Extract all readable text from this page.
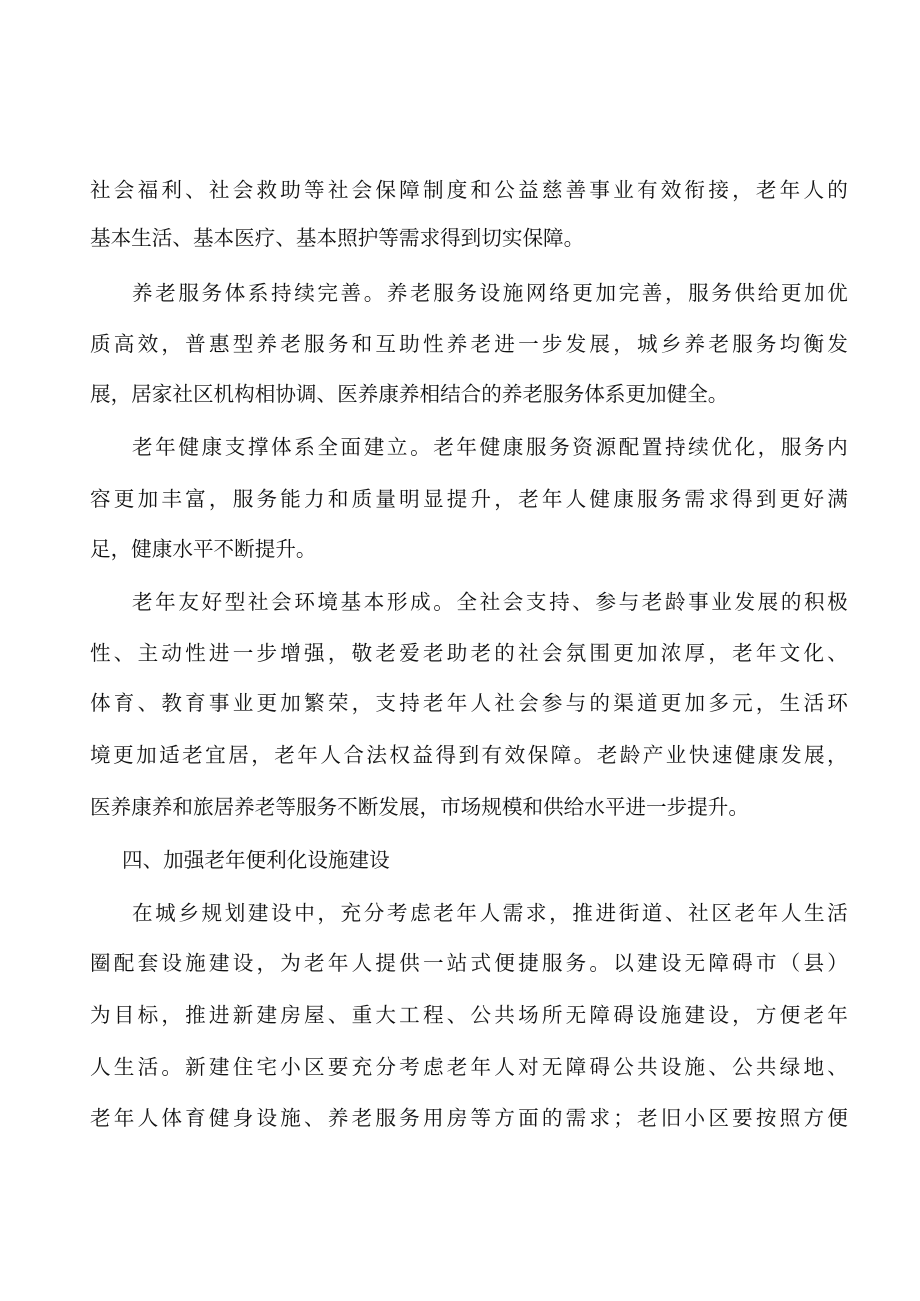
社 会 福 利 、 社 会 救 助 等 社 会 保 障 制 度 和 公 益 慈 善 事 业 有 效 衔 接 ， 老 年 人 的
基本生活、基本医疗、基本照护等需求得到切实保障。
养 老 服 务 体 系 持 续 完 善 。 养 老 服 务 设 施 网 络 更 加 完 善 ， 服 务 供 给 更 加 优
质 高 效 ， 普 惠 型 养 老 服 务 和 互 助 性 养 老 进 一 步 发 展 ， 城 乡 养 老 服 务 均 衡 发
展，居家社区机构相协调、医养康养相结合的养老服务体系更加健全。
老 年 健 康 支 撑 体 系 全 面 建 立 。 老 年 健 康 服 务 资 源 配 置 持 续 优 化 ， 服 务 内
容 更 加 丰 富 ， 服 务 能 力 和 质 量 明 显 提 升 ， 老 年 人 健 康 服 务 需 求 得 到 更 好 满
足，健康水平不断提升。
老 年 友 好 型 社 会 环 境 基 本 形 成 。 全 社 会 支 持 、 参 与 老 龄 事 业 发 展 的 积 极
性 、 主 动 性 进 一 步 增 强 ， 敬 老 爱 老 助 老 的 社 会 氛 围 更 加 浓 厚 ， 老 年 文 化 、
体 育 、 教 育 事 业 更 加 繁 荣 ， 支 持 老 年 人 社 会 参 与 的 渠 道 更 加 多 元 ， 生 活 环
境 更 加 适 老 宜 居 ， 老 年 人 合 法 权 益 得 到 有 效 保 障 。 老 龄 产 业 快 速 健 康 发 展 ，
医养康养和旅居养老等服务不断发展，市场规模和供给水平进一步提升。
四、加强老年便利化设施建设
在 城 乡 规 划 建 设 中 ， 充 分 考 虑 老 年 人 需 求 ， 推 进 街 道 、 社 区 老 年 人 生 活
圈 配 套 设 施 建 设 ， 为 老 年 人 提 供 一 站 式 便 捷 服 务 。 以 建 设 无 障 碍 市 （ 县 ）
为 目 标 ， 推 进 新 建 房 屋 、 重 大 工 程 、 公 共 场 所 无 障 碍 设 施 建 设 ， 方 便 老 年
人 生 活 。 新 建 住 宅 小 区 要 充 分 考 虑 老 年 人 对 无 障 碍 公 共 设 施 、 公 共 绿 地 、
老 年 人 体 育 健 身 设 施 、 养 老 服 务 用 房 等 方 面 的 需 求 ； 老 旧 小 区 要 按 照 方 便
